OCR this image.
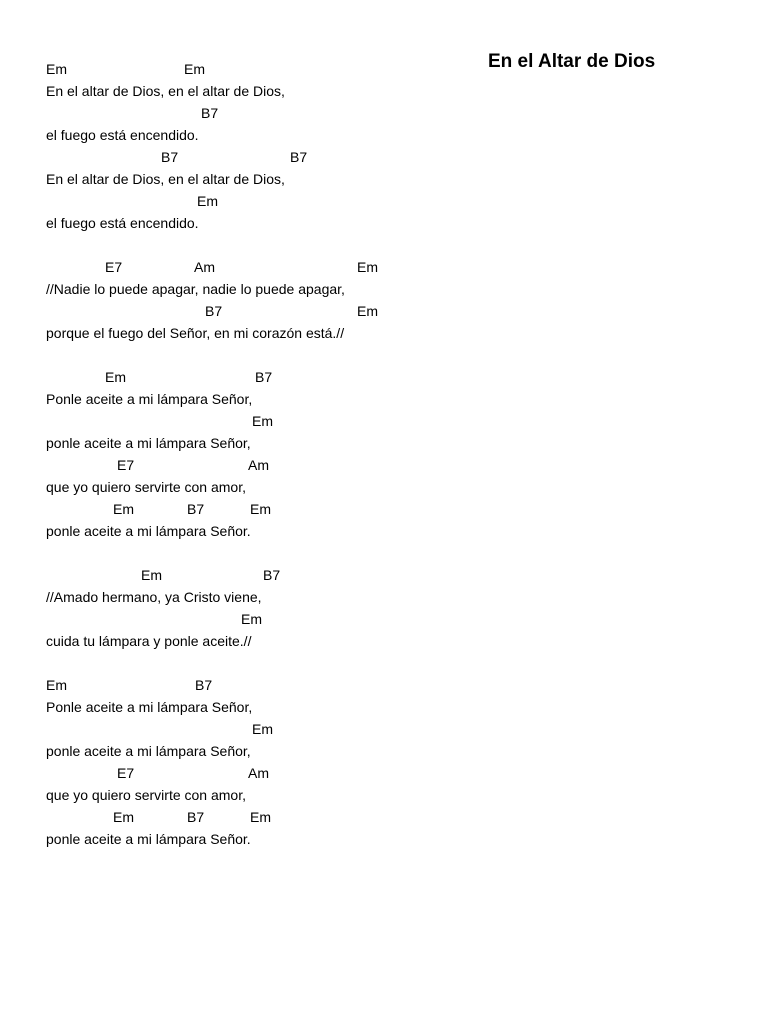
En el Altar de Dios
Em	Em
En el altar de Dios, en el altar de Dios,
B7
el fuego está encendido.
B7	B7
En el altar de Dios, en el altar de Dios,
Em
el fuego está encendido.
E7	Am	Em
//Nadie lo puede apagar, nadie lo puede apagar,
B7	Em
porque el fuego del Señor, en mi corazón está.//
Em	B7
Ponle aceite a mi lámpara Señor,
Em
ponle aceite a mi lámpara Señor,
E7	Am
que yo quiero servirte con amor,
Em	B7	Em
ponle aceite a mi lámpara Señor.
Em	B7
//Amado hermano, ya Cristo viene,
Em
cuida tu lámpara y ponle aceite.//
Em	B7
Ponle aceite a mi lámpara Señor,
Em
ponle aceite a mi lámpara Señor,
E7	Am
que yo quiero servirte con amor,
Em	B7	Em
ponle aceite a mi lámpara Señor.
